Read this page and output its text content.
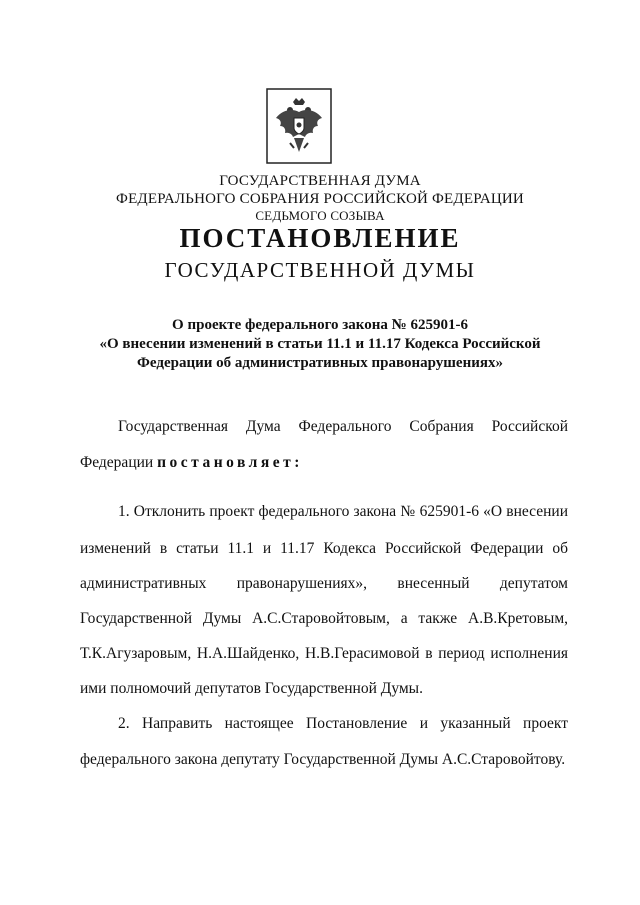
ГОСУДАРСТВЕННАЯ ДУМА
ФЕДЕРАЛЬНОГО СОБРАНИЯ РОССИЙСКОЙ ФЕДЕРАЦИИ
СЕДЬМОГО СОЗЫВА
ПОСТАНОВЛЕНИЕ
ГОСУДАРСТВЕННОЙ ДУМЫ
О проекте федерального закона № 625901-6
«О внесении изменений в статьи 11.1 и 11.17 Кодекса Российской
Федерации об административных правонарушениях»
Государственная Дума Федерального Собрания Российской
Федерации постановляет:
1. Отклонить проект федерального закона № 625901-6 «О внесении
изменений в статьи 11.1 и 11.17 Кодекса Российской Федерации об
административных правонарушениях», внесенный депутатом
Государственной Думы А.С.Старовойтовым, а также А.В.Кретовым,
Т.К.Агузаровым, Н.А.Шайденко, Н.В.Герасимовой в период исполнения
ими полномочий депутатов Государственной Думы.
2. Направить настоящее Постановление и указанный проект
федерального закона депутату Государственной Думы А.С.Старовойтову.
